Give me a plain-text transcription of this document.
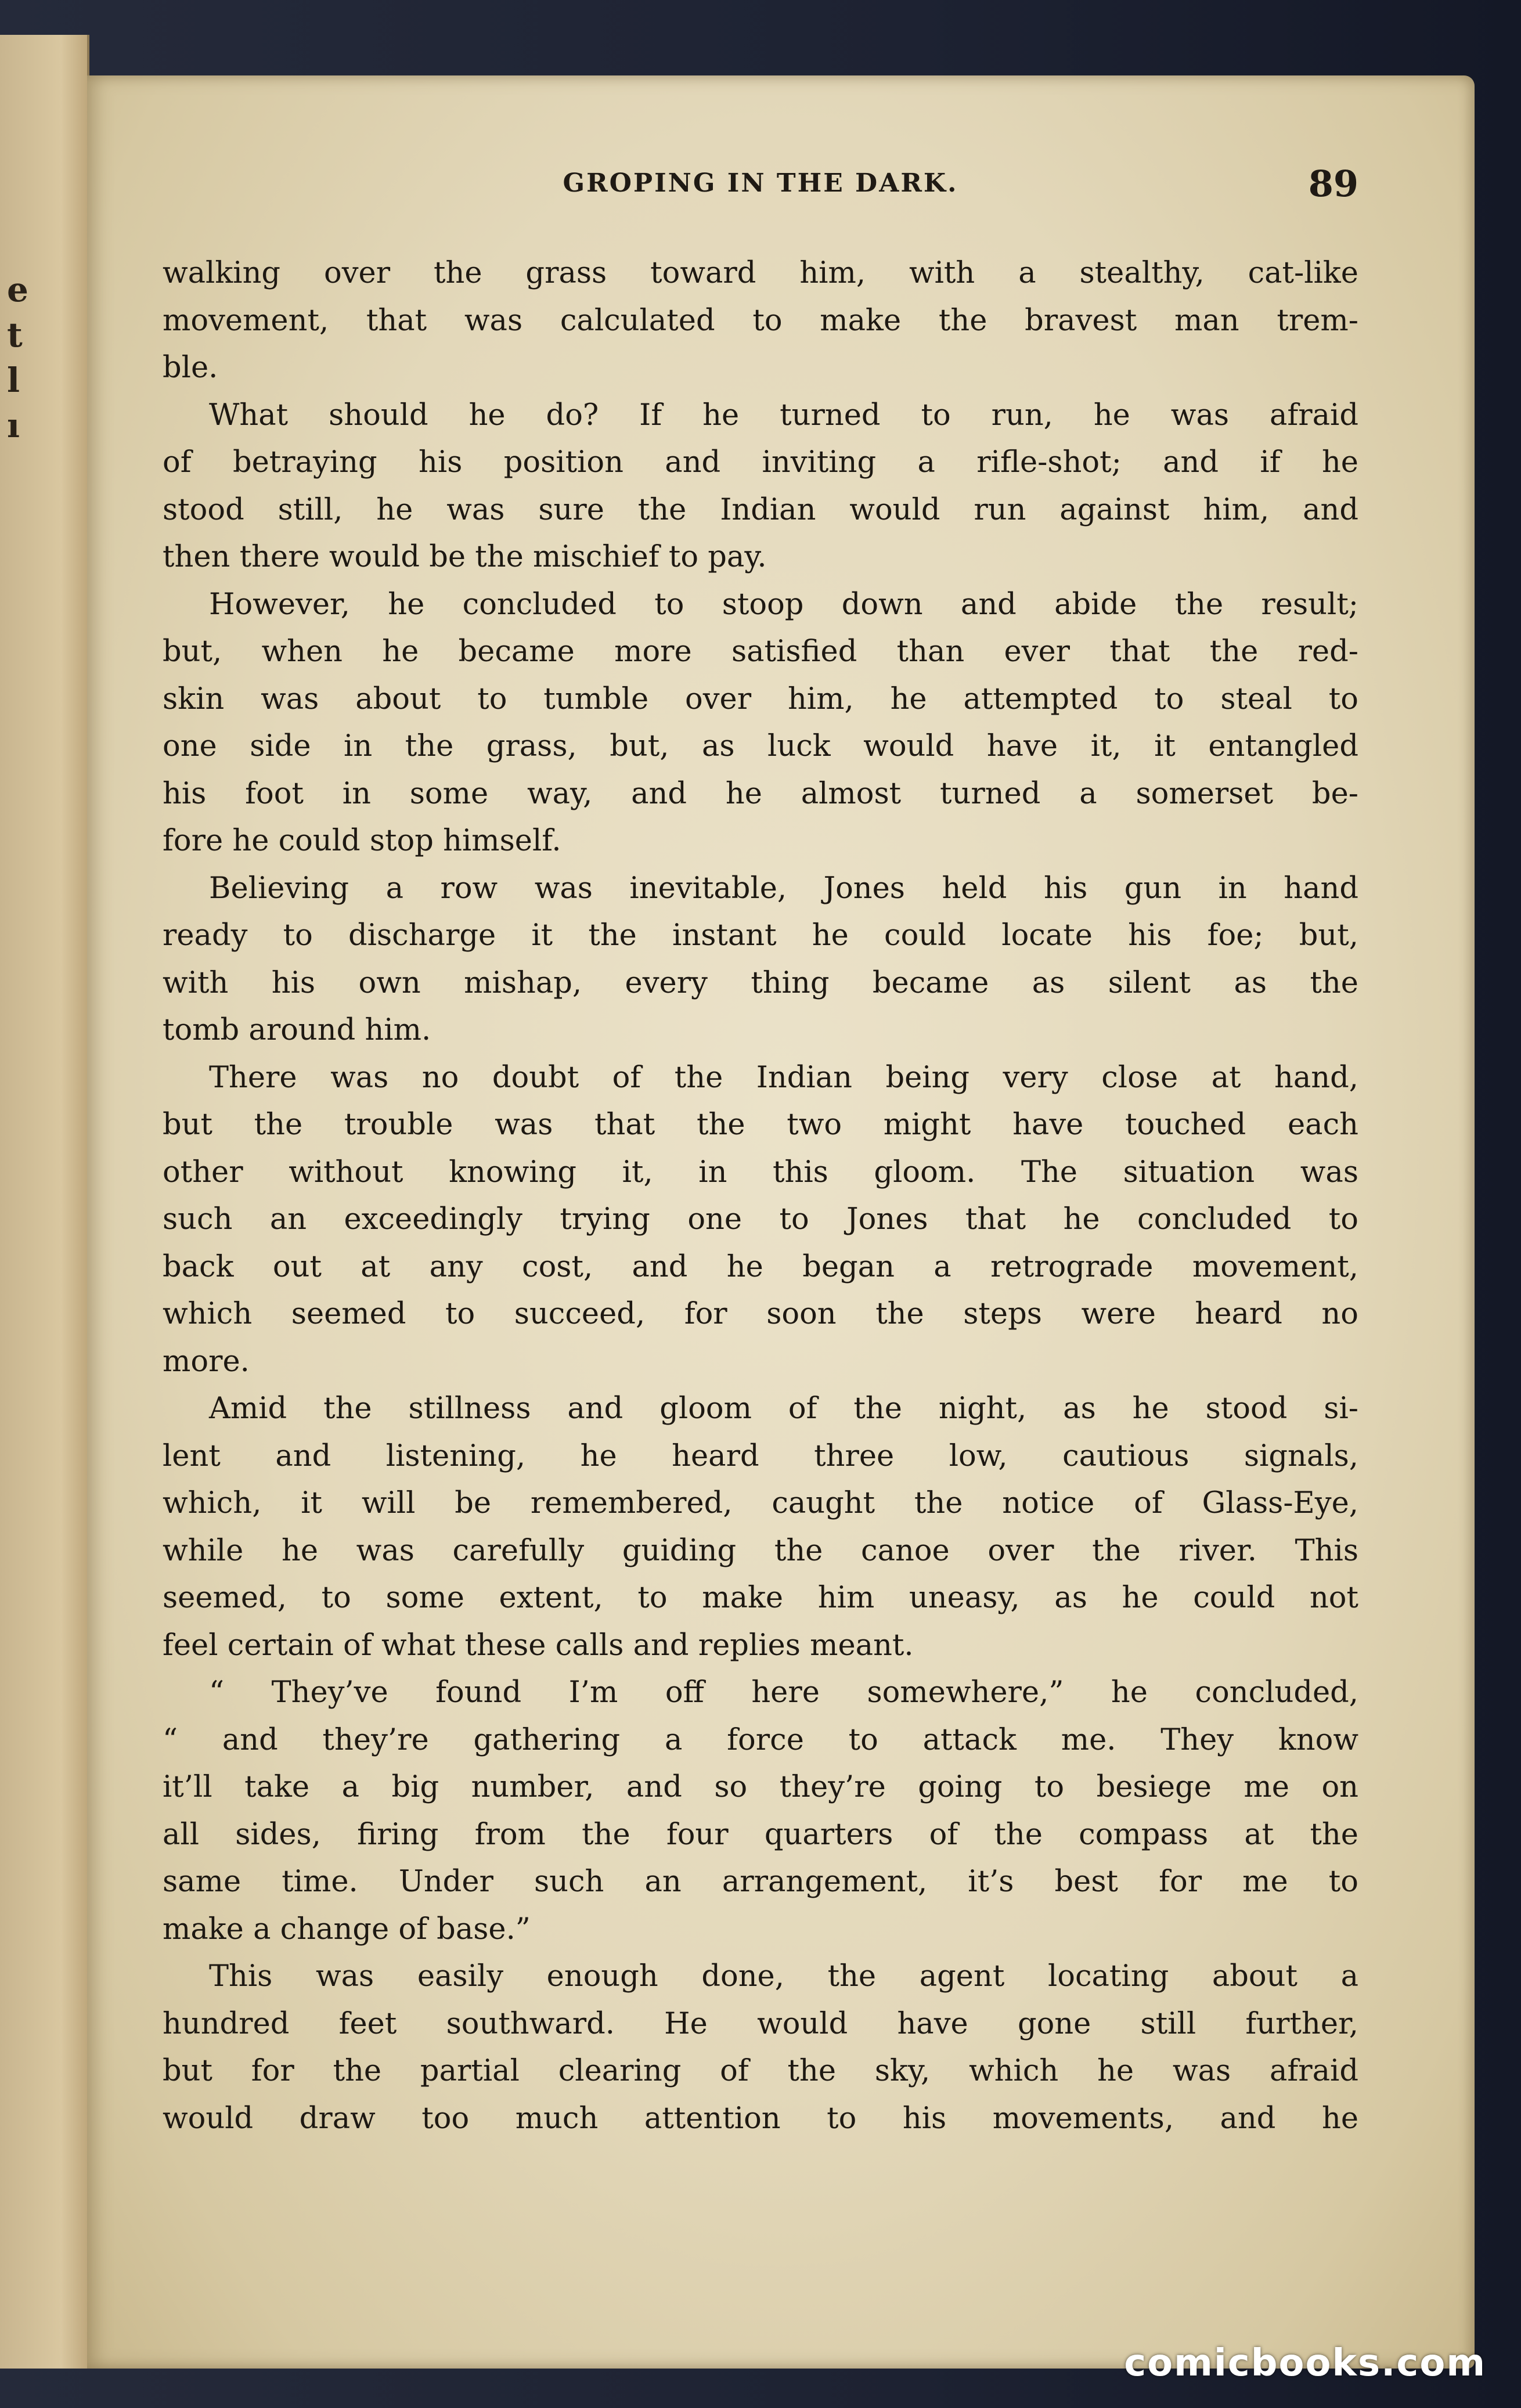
e
t
l
ı
GROPING IN THE DARK.	89
walking over the grass toward him, with a stealthy, cat-like
movement, that was calculated to make the bravest man trem-
ble.
What should he do? If he turned to run, he was afraid
of betraying his position and inviting a rifle-shot; and if he
stood still, he was sure the Indian would run against him, and
then there would be the mischief to pay.
However, he concluded to stoop down and abide the result;
but, when he became more satisfied than ever that the red-
skin was about to tumble over him, he attempted to steal to
one side in the grass, but, as luck would have it, it entangled
his foot in some way, and he almost turned a somerset be-
fore he could stop himself.
Believing a row was inevitable, Jones held his gun in hand
ready to discharge it the instant he could locate his foe; but,
with his own mishap, every thing became as silent as the
tomb around him.
There was no doubt of the Indian being very close at hand,
but the trouble was that the two might have touched each
other without knowing it, in this gloom. The situation was
such an exceedingly trying one to Jones that he concluded to
back out at any cost, and he began a retrograde movement,
which seemed to succeed, for soon the steps were heard no
more.
Amid the stillness and gloom of the night, as he stood si-
lent and listening, he heard three low, cautious signals,
which, it will be remembered, caught the notice of Glass-Eye,
while he was carefully guiding the canoe over the river. This
seemed, to some extent, to make him uneasy, as he could not
feel certain of what these calls and replies meant.
“ They’ve found I’m off here somewhere,” he concluded,
“ and they’re gathering a force to attack me. They know
it’ll take a big number, and so they’re going to besiege me on
all sides, firing from the four quarters of the compass at the
same time. Under such an arrangement, it’s best for me to
make a change of base.”
This was easily enough done, the agent locating about a
hundred feet southward. He would have gone still further,
but for the partial clearing of the sky, which he was afraid
would draw too much attention to his movements, and he
comicbooks.com
